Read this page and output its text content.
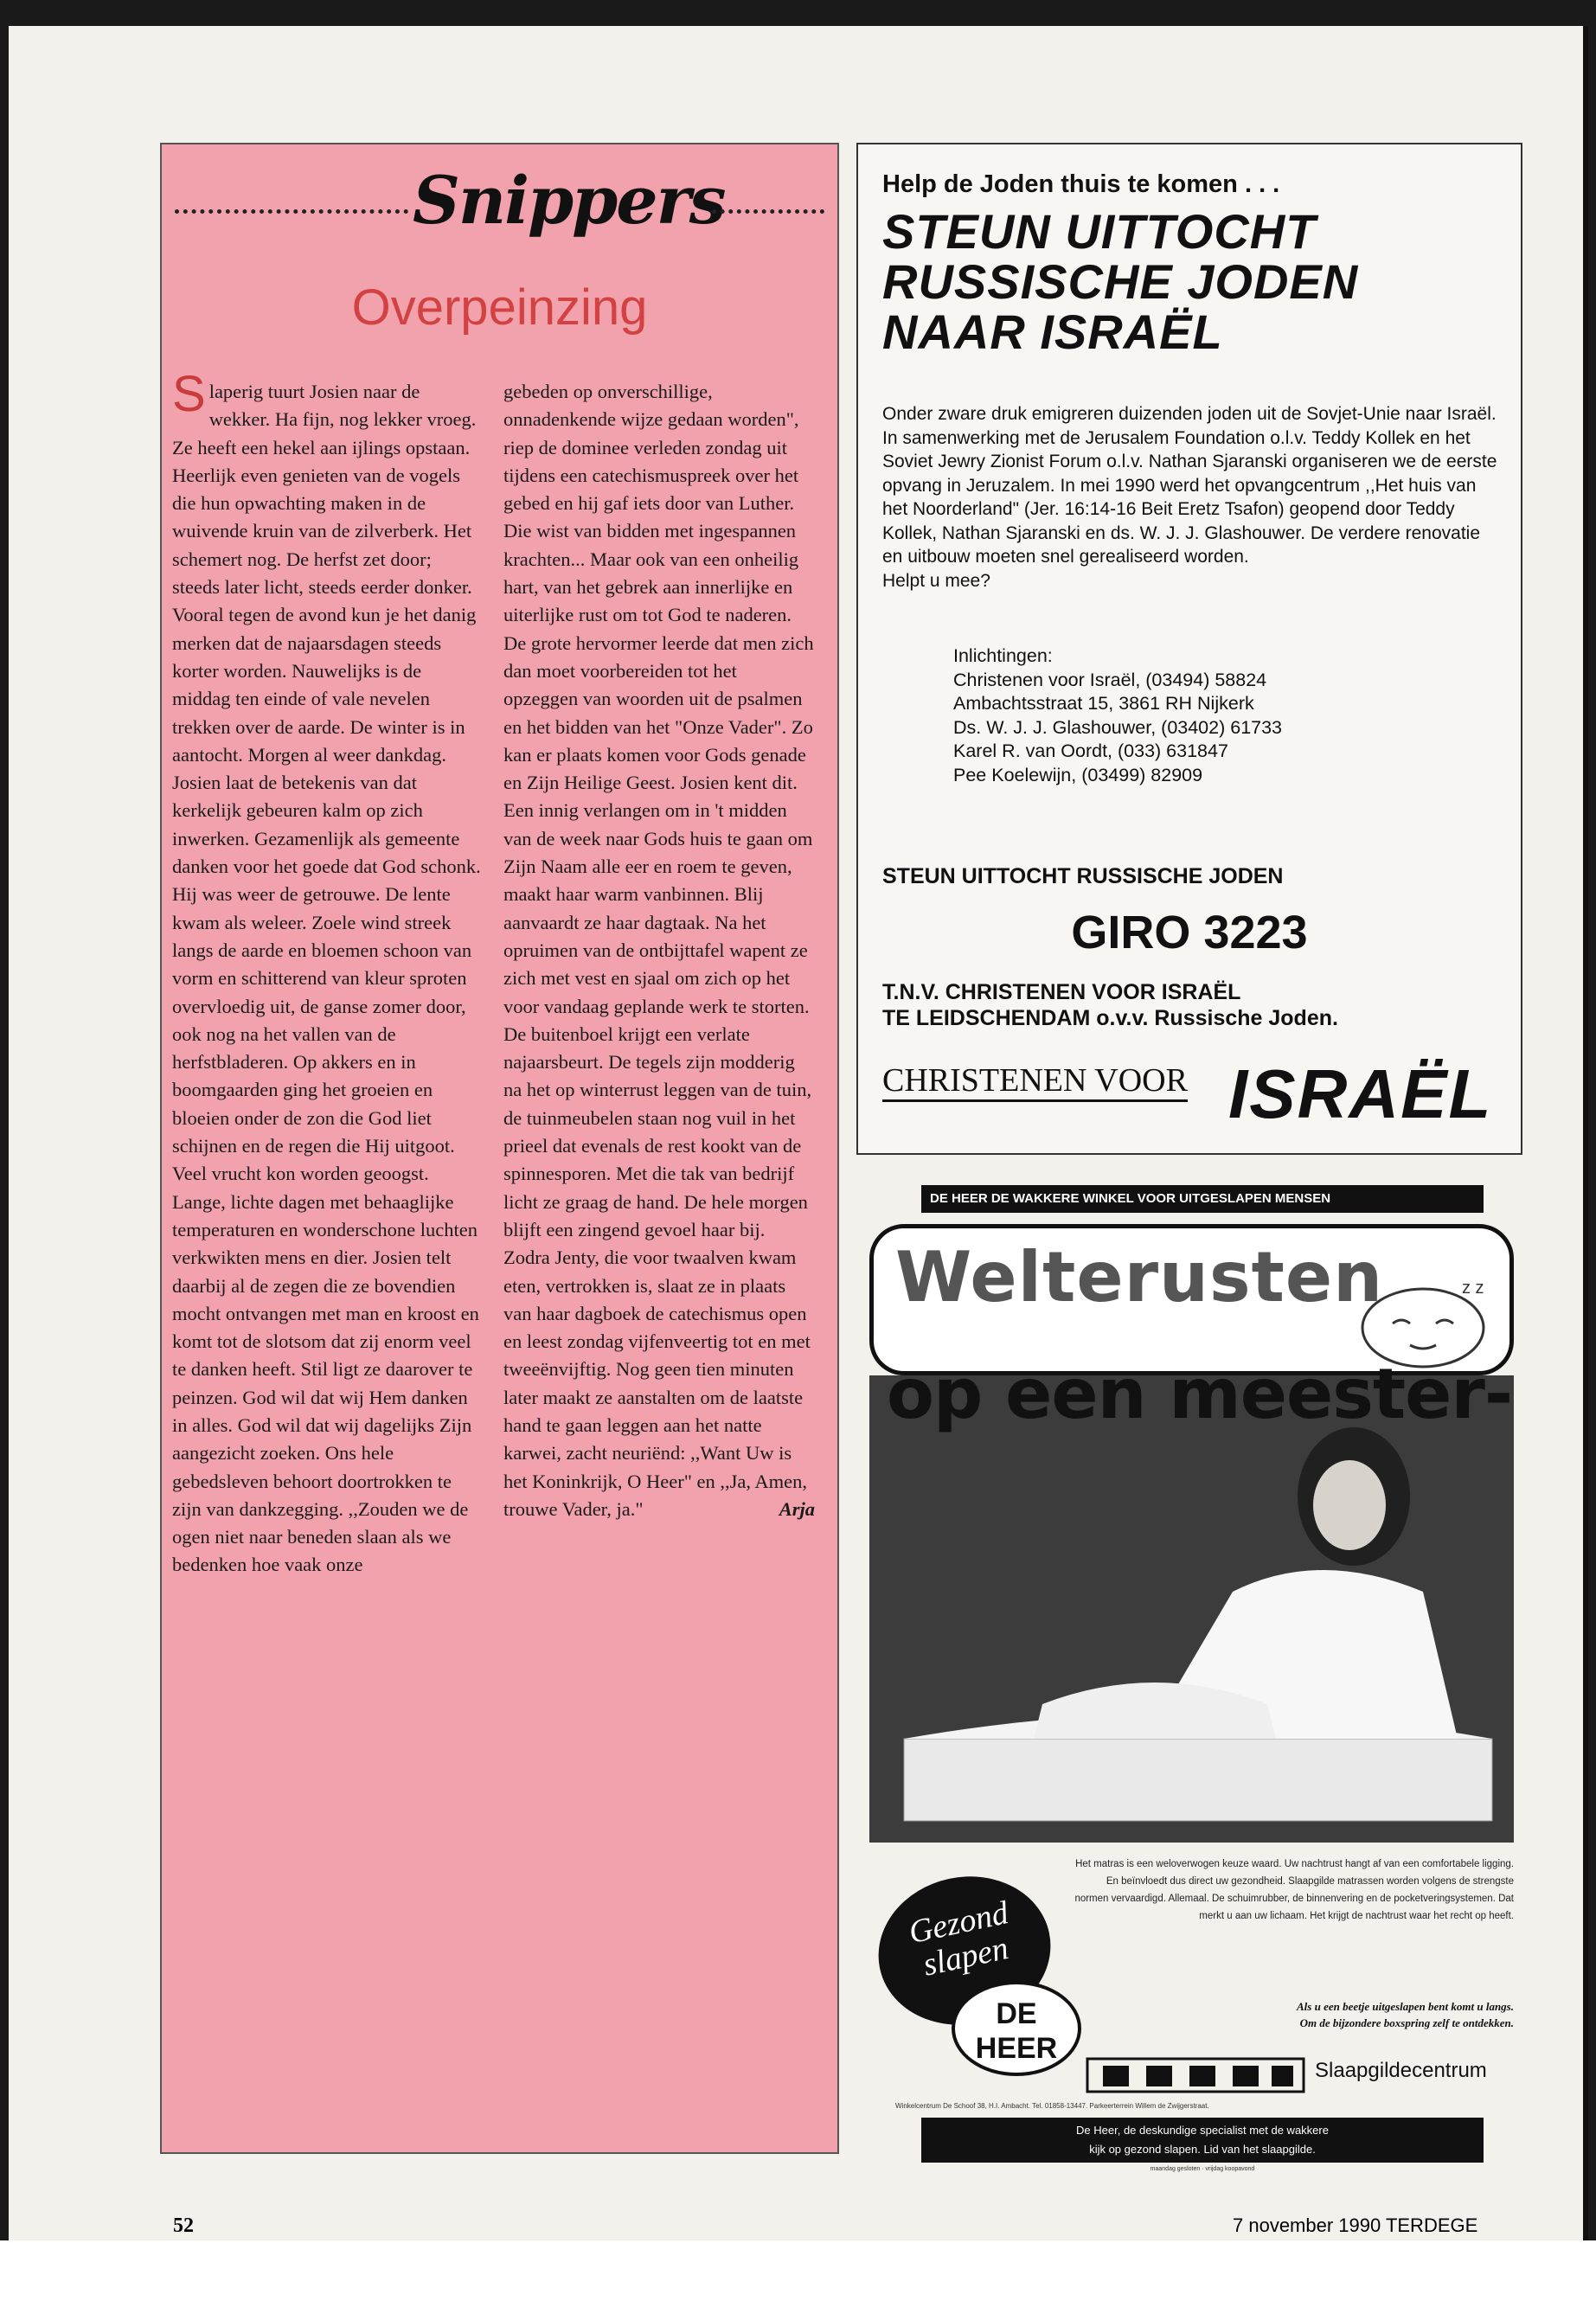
Snippers
Overpeinzing

Slaperig tuurt Josien naar de wekker. Ha fijn, nog lekker vroeg. Ze heeft een hekel aan ijlings opstaan. Heerlijk even genieten van de vogels die hun opwachting maken in de wuivende kruin van de zilverberk. Het schemert nog. De herfst zet door; steeds later licht, steeds eerder donker. Vooral tegen de avond kun je het danig merken dat de najaarsdagen steeds korter worden. Nauwelijks is de middag ten einde of vale nevelen trekken over de aarde. De winter is in aantocht. Morgen al weer dankdag. Josien laat de betekenis van dat kerkelijk gebeuren kalm op zich inwerken. Gezamenlijk als gemeente danken voor het goede dat God schonk. Hij was weer de getrouwe. De lente kwam als weleer. Zoele wind streek langs de aarde en bloemen schoon van vorm en schitterend van kleur sproten overvloedig uit, de ganse zomer door, ook nog na het vallen van de herfstbladeren. Op akkers en in boomgaarden ging het groeien en bloeien onder de zon die God liet schijnen en de regen die Hij uitgoot. Veel vrucht kon worden geoogst. Lange, lichte dagen met behaaglijke temperaturen en wonderschone luchten verkwikten mens en dier. Josien telt daarbij al de zegen die ze bovendien mocht ontvangen met man en kroost en komt tot de slotsom dat zij enorm veel te danken heeft. Stil ligt ze daarover te peinzen. God wil dat wij Hem danken in alles. God wil dat wij dagelijks Zijn aangezicht zoeken. Ons hele gebedsleven behoort doortrokken te zijn van dankzegging. ,,Zouden we de ogen niet naar beneden slaan als we bedenken hoe vaak onze

gebeden op onverschillige, onnadenkende wijze gedaan worden", riep de dominee verleden zondag uit tijdens een catechismuspreek over het gebed en hij gaf iets door van Luther. Die wist van bidden met ingespannen krachten... Maar ook van een onheilig hart, van het gebrek aan innerlijke en uiterlijke rust om tot God te naderen. De grote hervormer leerde dat men zich dan moet voorbereiden tot het opzeggen van woorden uit de psalmen en het bidden van het "Onze Vader". Zo kan er plaats komen voor Gods genade en Zijn Heilige Geest. Josien kent dit. Een innig verlangen om in 't midden van de week naar Gods huis te gaan om Zijn Naam alle eer en roem te geven, maakt haar warm vanbinnen. Blij aanvaardt ze haar dagtaak. Na het opruimen van de ontbijttafel wapent ze zich met vest en sjaal om zich op het voor vandaag geplande werk te storten. De buitenboel krijgt een verlate najaarsbeurt. De tegels zijn modderig na het op winterrust leggen van de tuin, de tuinmeubelen staan nog vuil in het prieel dat evenals de rest kookt van de spinnesporen. Met die tak van bedrijf licht ze graag de hand. De hele morgen blijft een zingend gevoel haar bij. Zodra Jenty, die voor twaalven kwam eten, vertrokken is, slaat ze in plaats van haar dagboek de catechismus open en leest zondag vijfenveertig tot en met tweeënvijftig. Nog geen tien minuten later maakt ze aanstalten om de laatste hand te gaan leggen aan het natte karwei, zacht neuriënd: ,,Want Uw is het Koninkrijk, O Heer" en ,,Ja, Amen, trouwe Vader, ja."	Arja

Help de Joden thuis te komen . . .
STEUN UITTOCHT
RUSSISCHE JODEN
NAAR ISRAËL

Onder zware druk emigreren duizenden joden uit de Sovjet-Unie naar Israël. In samenwerking met de Jerusalem Foundation o.l.v. Teddy Kollek en het Soviet Jewry Zionist Forum o.l.v. Nathan Sjaranski organiseren we de eerste opvang in Jeruzalem. In mei 1990 werd het opvangcentrum ,,Het huis van het Noorderland" (Jer. 16:14-16 Beit Eretz Tsafon) geopend door Teddy Kollek, Nathan Sjaranski en ds. W. J. J. Glashouwer. De verdere renovatie en uitbouw moeten snel gerealiseerd worden.

Helpt u mee?

Inlichtingen:
Christenen voor Israël, (03494) 58824
Ambachtsstraat 15, 3861 RH Nijkerk
Ds. W. J. J. Glashouwer, (03402) 61733
Karel R. van Oordt, (033) 631847
Pee Koelewijn, (03499) 82909
STEUN UITTOCHT RUSSISCHE JODEN
GIRO 3223
T.N.V. CHRISTENEN VOOR ISRAËL
TE LEIDSCHENDAM o.v.v. Russische Joden.
CHRISTENEN VOOR ISRAËL
DE HEER DE WAKKERE WINKEL VOOR UITGESLAPEN MENSEN
z z
Welterusten
op een meester-
Het matras is een weloverwogen keuze waard. Uw nachtrust hangt af van een comfortabele ligging. En beïnvloedt dus direct uw gezondheid. Slaapgilde matrassen worden volgens de strengste normen vervaardigd. Allemaal. De schuimrubber, de binnenvering en de pocketveringsystemen. Dat merkt u aan uw lichaam. Het krijgt de nachtrust waar het recht op heeft.
Gezond slapen
DE HEER
Als u een beetje uitgeslapen bent komt u langs.
Om de bijzondere boxspring zelf te ontdekken.
Slaapgildecentrum
Winkelcentrum De Schoof 38, H.I. Ambacht. Tel. 01858-13447. Parkeerterrein Willem de Zwijgerstraat.
De Heer, de deskundige specialist met de wakkere
kijk op gezond slapen. Lid van het slaapgilde.
maandag gesloten · vrijdag koopavond
52	7 november 1990 TERDEGE
